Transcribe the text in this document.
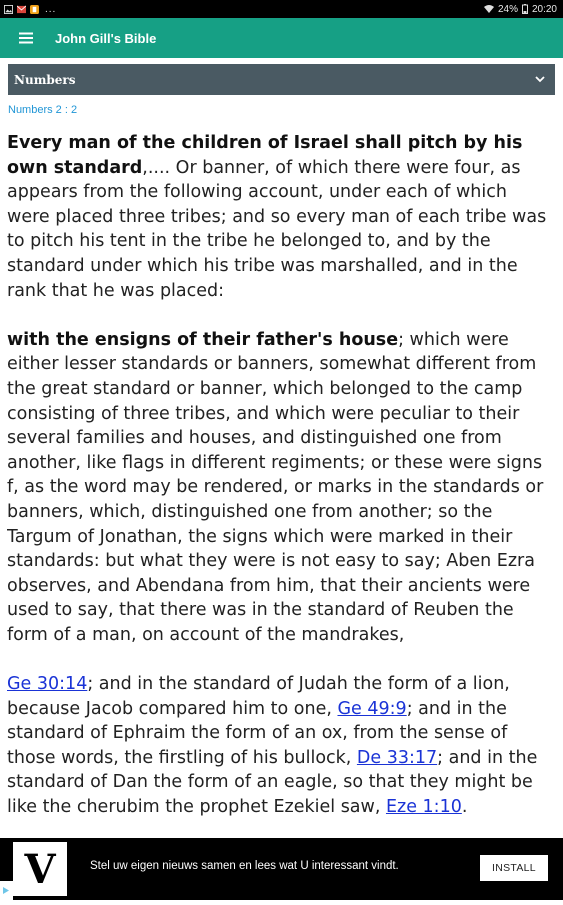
...	24% 20:20
John Gill's Bible
Numbers
Numbers 2 : 2

Every man of the children of Israel shall pitch by his own standard,.... Or banner, of which there were four, as appears from the following account, under each of which were placed three tribes; and so every man of each tribe was to pitch his tent in the tribe he belonged to, and by the standard under which his tribe was marshalled, and in the rank that he was placed:

with the ensigns of their father's house; which were either lesser standards or banners, somewhat different from the great standard or banner, which belonged to the camp consisting of three tribes, and which were peculiar to their several families and houses, and distinguished one from another, like flags in different regiments; or these were signs f, as the word may be rendered, or marks in the standards or banners, which, distinguished one from another; so the Targum of Jonathan, the signs which were marked in their standards: but what they were is not easy to say; Aben Ezra observes, and Abendana from him, that their ancients were used to say, that there was in the standard of Reuben the form of a man, on account of the mandrakes,

Ge 30:14; and in the standard of Judah the form of a lion, because Jacob compared him to one, Ge 49:9; and in the standard of Ephraim the form of an ox, from the sense of those words, the firstling of his bullock, De 33:17; and in the standard of Dan the form of an eagle, so that they might be like the cherubim the prophet Ezekiel saw, Eze 1:10.

V	Stel uw eigen nieuws samen en lees wat U interessant vindt.	INSTALL
